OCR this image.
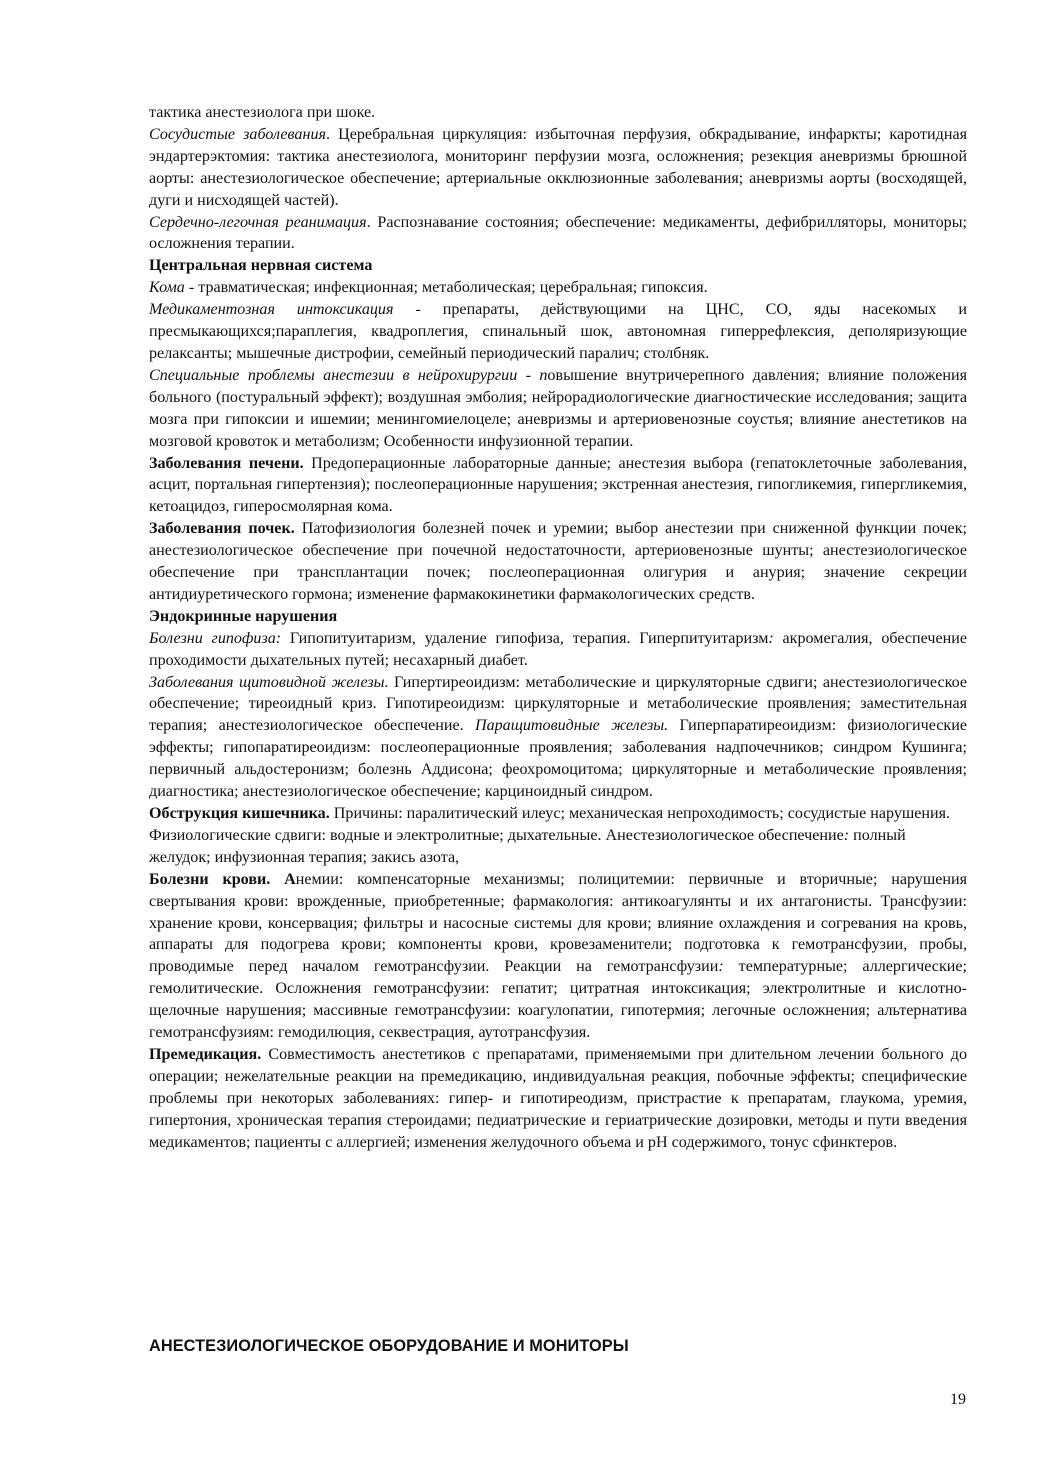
тактика анестезиолога при шоке.

Сосудистые заболевания. Церебральная циркуляция: избыточная перфузия, обкрадывание, инфаркты; каротидная эндартерэктомия: тактика анестезиолога, мониторинг перфузии мозга, осложнения; резекция аневризмы брюшной аорты: анестезиологическое обеспечение; артериальные окклюзионные заболевания; аневризмы аорты (восходящей, дуги и нисходящей частей).

Сердечно-легочная реанимация. Распознавание состояния; обеспечение: медикаменты, дефибрилляторы, мониторы; осложнения терапии.

Центральная нервная система

Кома - травматическая; инфекционная; метаболическая; церебральная; гипоксия.

Медикаментозная интоксикация - препараты, действующими на ЦНС, СО, яды насекомых и пресмыкающихся;параплегия, квадроплегия, спинальный шок, автономная гиперрефлексия, деполяризующие релаксанты; мышечные дистрофии, семейный периодический паралич; столбняк.

Специальные проблемы анестезии в нейрохирургии - повышение внутричерепного давления; влияние положения больного (постуральный эффект); воздушная эмболия; нейрорадиологические диагностические исследования; защита мозга при гипоксии и ишемии; менингомиелоцеле; аневризмы и артериовенозные соустья; влияние анестетиков на мозговой кровоток и метаболизм; Особенности инфузионной терапии.

Заболевания печени. Предоперационные лабораторные данные; анестезия выбора (гепатоклеточные заболевания, асцит, портальная гипертензия); послеоперационные нарушения; экстренная анестезия, гипогликемия, гипергликемия, кетоацидоз, гиперосмолярная кома.

Заболевания почек. Патофизиология болезней почек и уремии; выбор анестезии при сниженной функции почек; анестезиологическое обеспечение при почечной недостаточности, артериовенозные шунты; анестезиологическое обеспечение при трансплантации почек; послеоперационная олигурия и анурия; значение секреции антидиуретического гормона; изменение фармакокинетики фармакологических средств.

Эндокринные нарушения

Болезни гипофиза: Гипопитуитаризм, удаление гипофиза, терапия. Гиперпитуитаризм: акромегалия, обеспечение проходимости дыхательных путей; несахарный диабет.

Заболевания щитовидной железы. Гипертиреоидизм: метаболические и циркуляторные сдвиги; анестезиологическое обеспечение; тиреоидный криз. Гипотиреоидизм: циркуляторные и метаболические проявления; заместительная терапия; анестезиологическое обеспечение. Паращитовидные железы. Гиперпаратиреоидизм: физиологические эффекты; гипопаратиреоидизм: послеоперационные проявления; заболевания надпочечников; синдром Кушинга; первичный альдостеронизм; болезнь Аддисона; феохромоцитома; циркуляторные и метаболические проявления; диагностика; анестезиологическое обеспечение; карциноидный синдром.

Обструкция кишечника. Причины: паралитический илеус; механическая непроходимость; сосудистые нарушения. Физиологические сдвиги: водные и электролитные; дыхательные. Анестезиологическое обеспечение: полный желудок; инфузионная терапия; закись азота,

Болезни крови. Анемии: компенсаторные механизмы; полицитемии: первичные и вторичные; нарушения свертывания крови: врожденные, приобретенные; фармакология: антикоагулянты и их антагонисты. Трансфузии: хранение крови, консервация; фильтры и насосные системы для крови; влияние охлаждения и согревания на кровь, аппараты для подогрева крови; компоненты крови, кровезаменители; подготовка к гемотрансфузии, пробы, проводимые перед началом гемотрансфузии. Реакции на гемотрансфузии: температурные; аллергические; гемолитические. Осложнения гемотрансфузии: гепатит; цитратная интоксикация; электролитные и кислотно-щелочные нарушения; массивные гемотрансфузии: коагулопатии, гипотермия; легочные осложнения; альтернатива гемотрансфузиям: гемодилюция, секвестрация, аутотрансфузия.

Премедикация. Совместимость анестетиков с препаратами, применяемыми при длительном лечении больного до операции; нежелательные реакции на премедикацию, индивидуальная реакция, побочные эффекты; специфические проблемы при некоторых заболеваниях: гипер- и гипотиреодизм, пристрастие к препаратам, глаукома, уремия, гипертония, хроническая терапия стероидами; педиатрические и гериатрические дозировки, методы и пути введения медикаментов; пациенты с аллергией; изменения желудочного объема и pH содержимого, тонус сфинктеров.

АНЕСТЕЗИОЛОГИЧЕСКОЕ ОБОРУДОВАНИЕ И МОНИТОРЫ
19
